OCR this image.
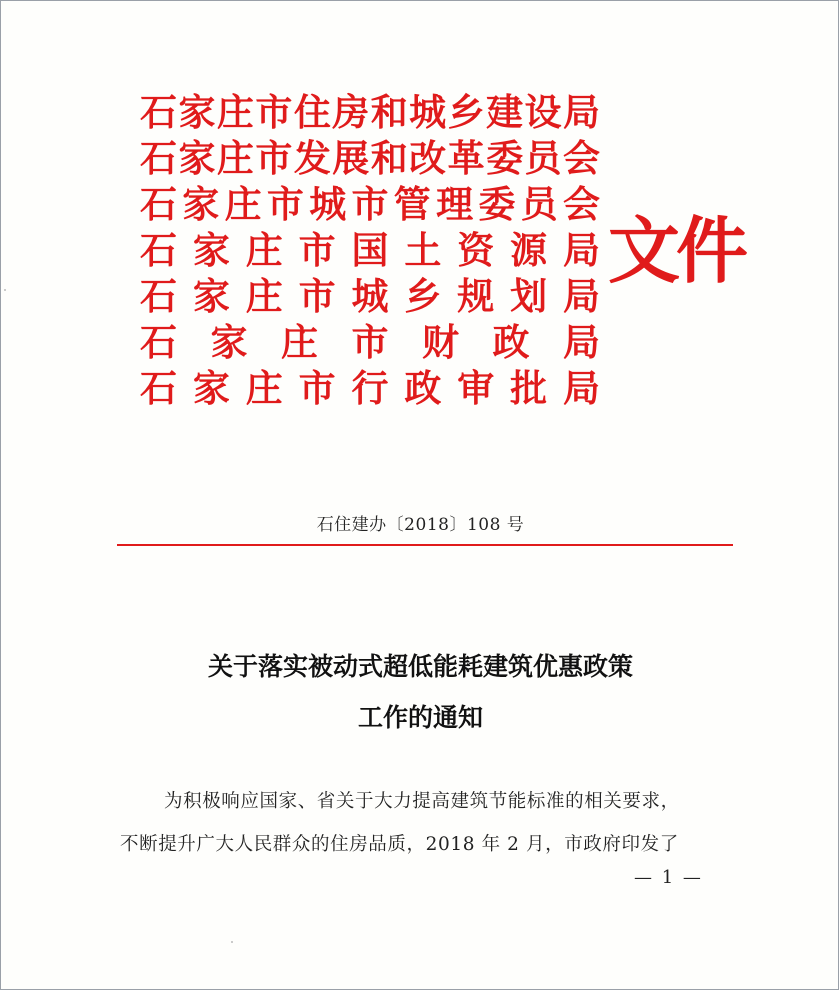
石 家 庄 市 住 房 和 城 乡 建 设 局
石 家 庄 市 发 展 和 改 革 委 员 会
石 家 庄 市 城 市 管 理 委 员 会
石 家 庄 市 国 土 资 源 局
石 家 庄 市 城 乡 规 划 局
石 家 庄 市 财 政 局
石 家 庄 市 行 政 审 批 局
文件
石住建办〔2018〕108 号
关于落实被动式超低能耗建筑优惠政策
工作的通知
为积极响应国家、省关于大力提高建筑节能标准的相关要求，
不断提升广大人民群众的住房品质，2018 年 2 月，市政府印发了
— 1 —
